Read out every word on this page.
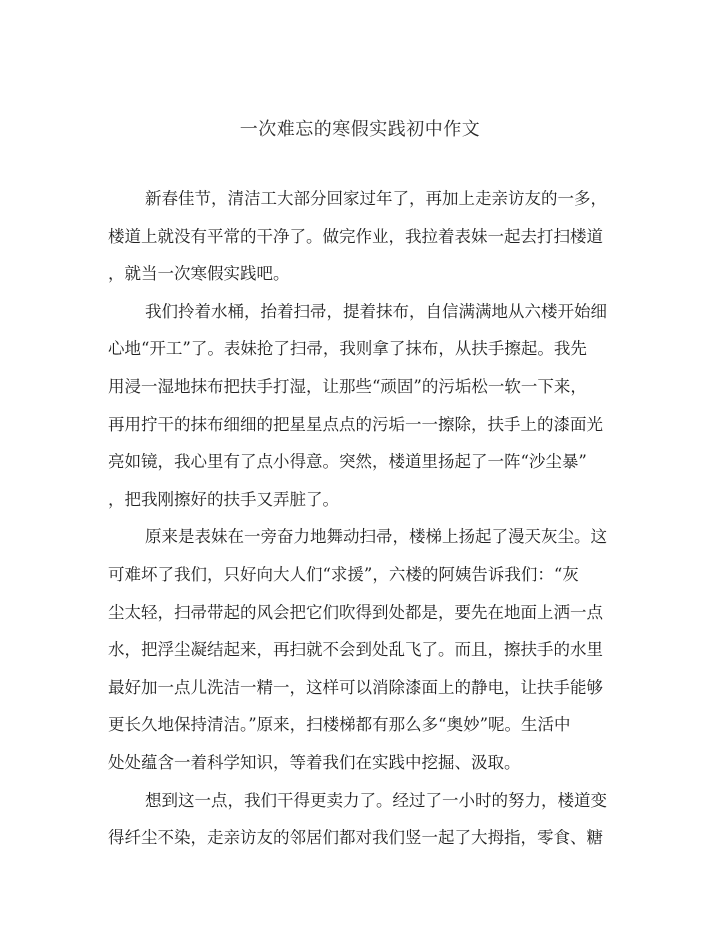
一次难忘的寒假实践初中作文
新春佳节，清洁工大部分回家过年了，再加上走亲访友的一多，
楼道上就没有平常的干净了。做完作业，我拉着表妹一起去打扫楼道
，就当一次寒假实践吧。
我们拎着水桶，抬着扫帚，提着抹布，自信满满地从六楼开始细
心地“开工”了。表妹抢了扫帚，我则拿了抹布，从扶手擦起。我先
用浸一湿地抹布把扶手打湿，让那些“顽固”的污垢松一软一下来，
再用拧干的抹布细细的把星星点点的污垢一一擦除，扶手上的漆面光
亮如镜，我心里有了点小得意。突然，楼道里扬起了一阵“沙尘暴”
，把我刚擦好的扶手又弄脏了。
原来是表妹在一旁奋力地舞动扫帚，楼梯上扬起了漫天灰尘。这
可难坏了我们，只好向大人们“求援”，六楼的阿姨告诉我们：“灰
尘太轻，扫帚带起的风会把它们吹得到处都是，要先在地面上洒一点
水，把浮尘凝结起来，再扫就不会到处乱飞了。而且，擦扶手的水里
最好加一点儿洗洁一精一，这样可以消除漆面上的静电，让扶手能够
更长久地保持清洁。”原来，扫楼梯都有那么多“奥妙”呢。生活中
处处蕴含一着科学知识，等着我们在实践中挖掘、汲取。
想到这一点，我们干得更卖力了。经过了一小时的努力，楼道变
得纤尘不染，走亲访友的邻居们都对我们竖一起了大拇指，零食、糖
